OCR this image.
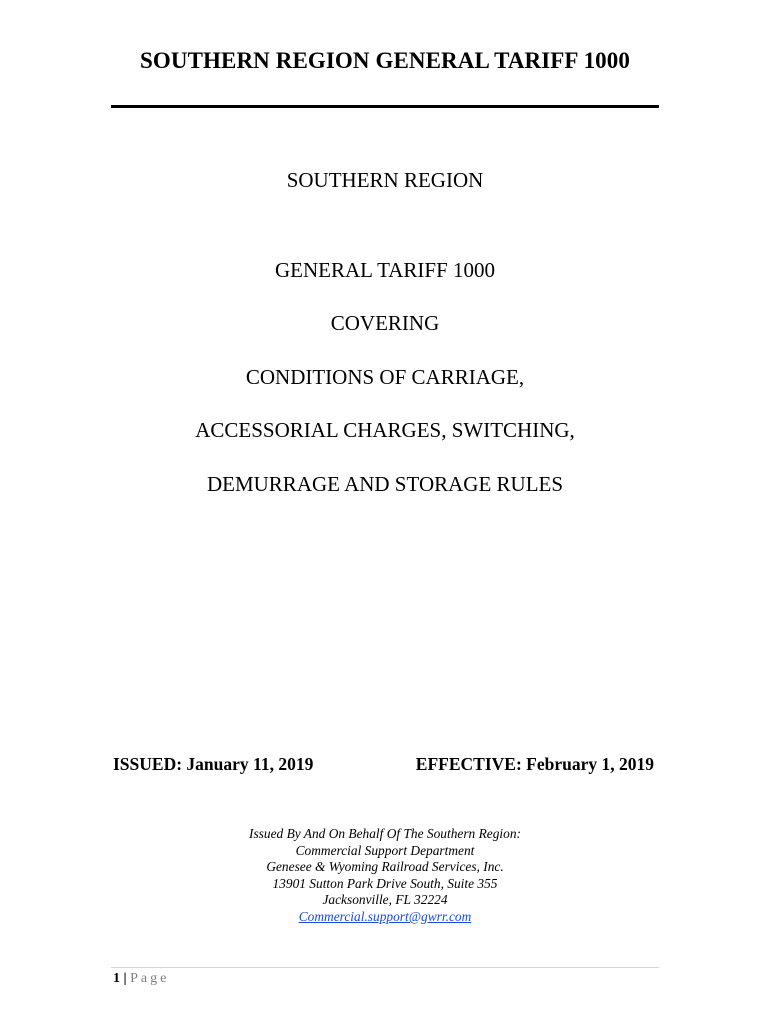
SOUTHERN REGION GENERAL TARIFF 1000
SOUTHERN REGION
GENERAL TARIFF 1000
COVERING
CONDITIONS OF CARRIAGE,
ACCESSORIAL CHARGES, SWITCHING,
DEMURRAGE AND STORAGE RULES
ISSUED: January 11, 2019	EFFECTIVE: February 1, 2019
Issued By And On Behalf Of The Southern Region:
Commercial Support Department
Genesee & Wyoming Railroad Services, Inc.
13901 Sutton Park Drive South, Suite 355
Jacksonville, FL 32224
Commercial.support@gwrr.com
1 | Page
